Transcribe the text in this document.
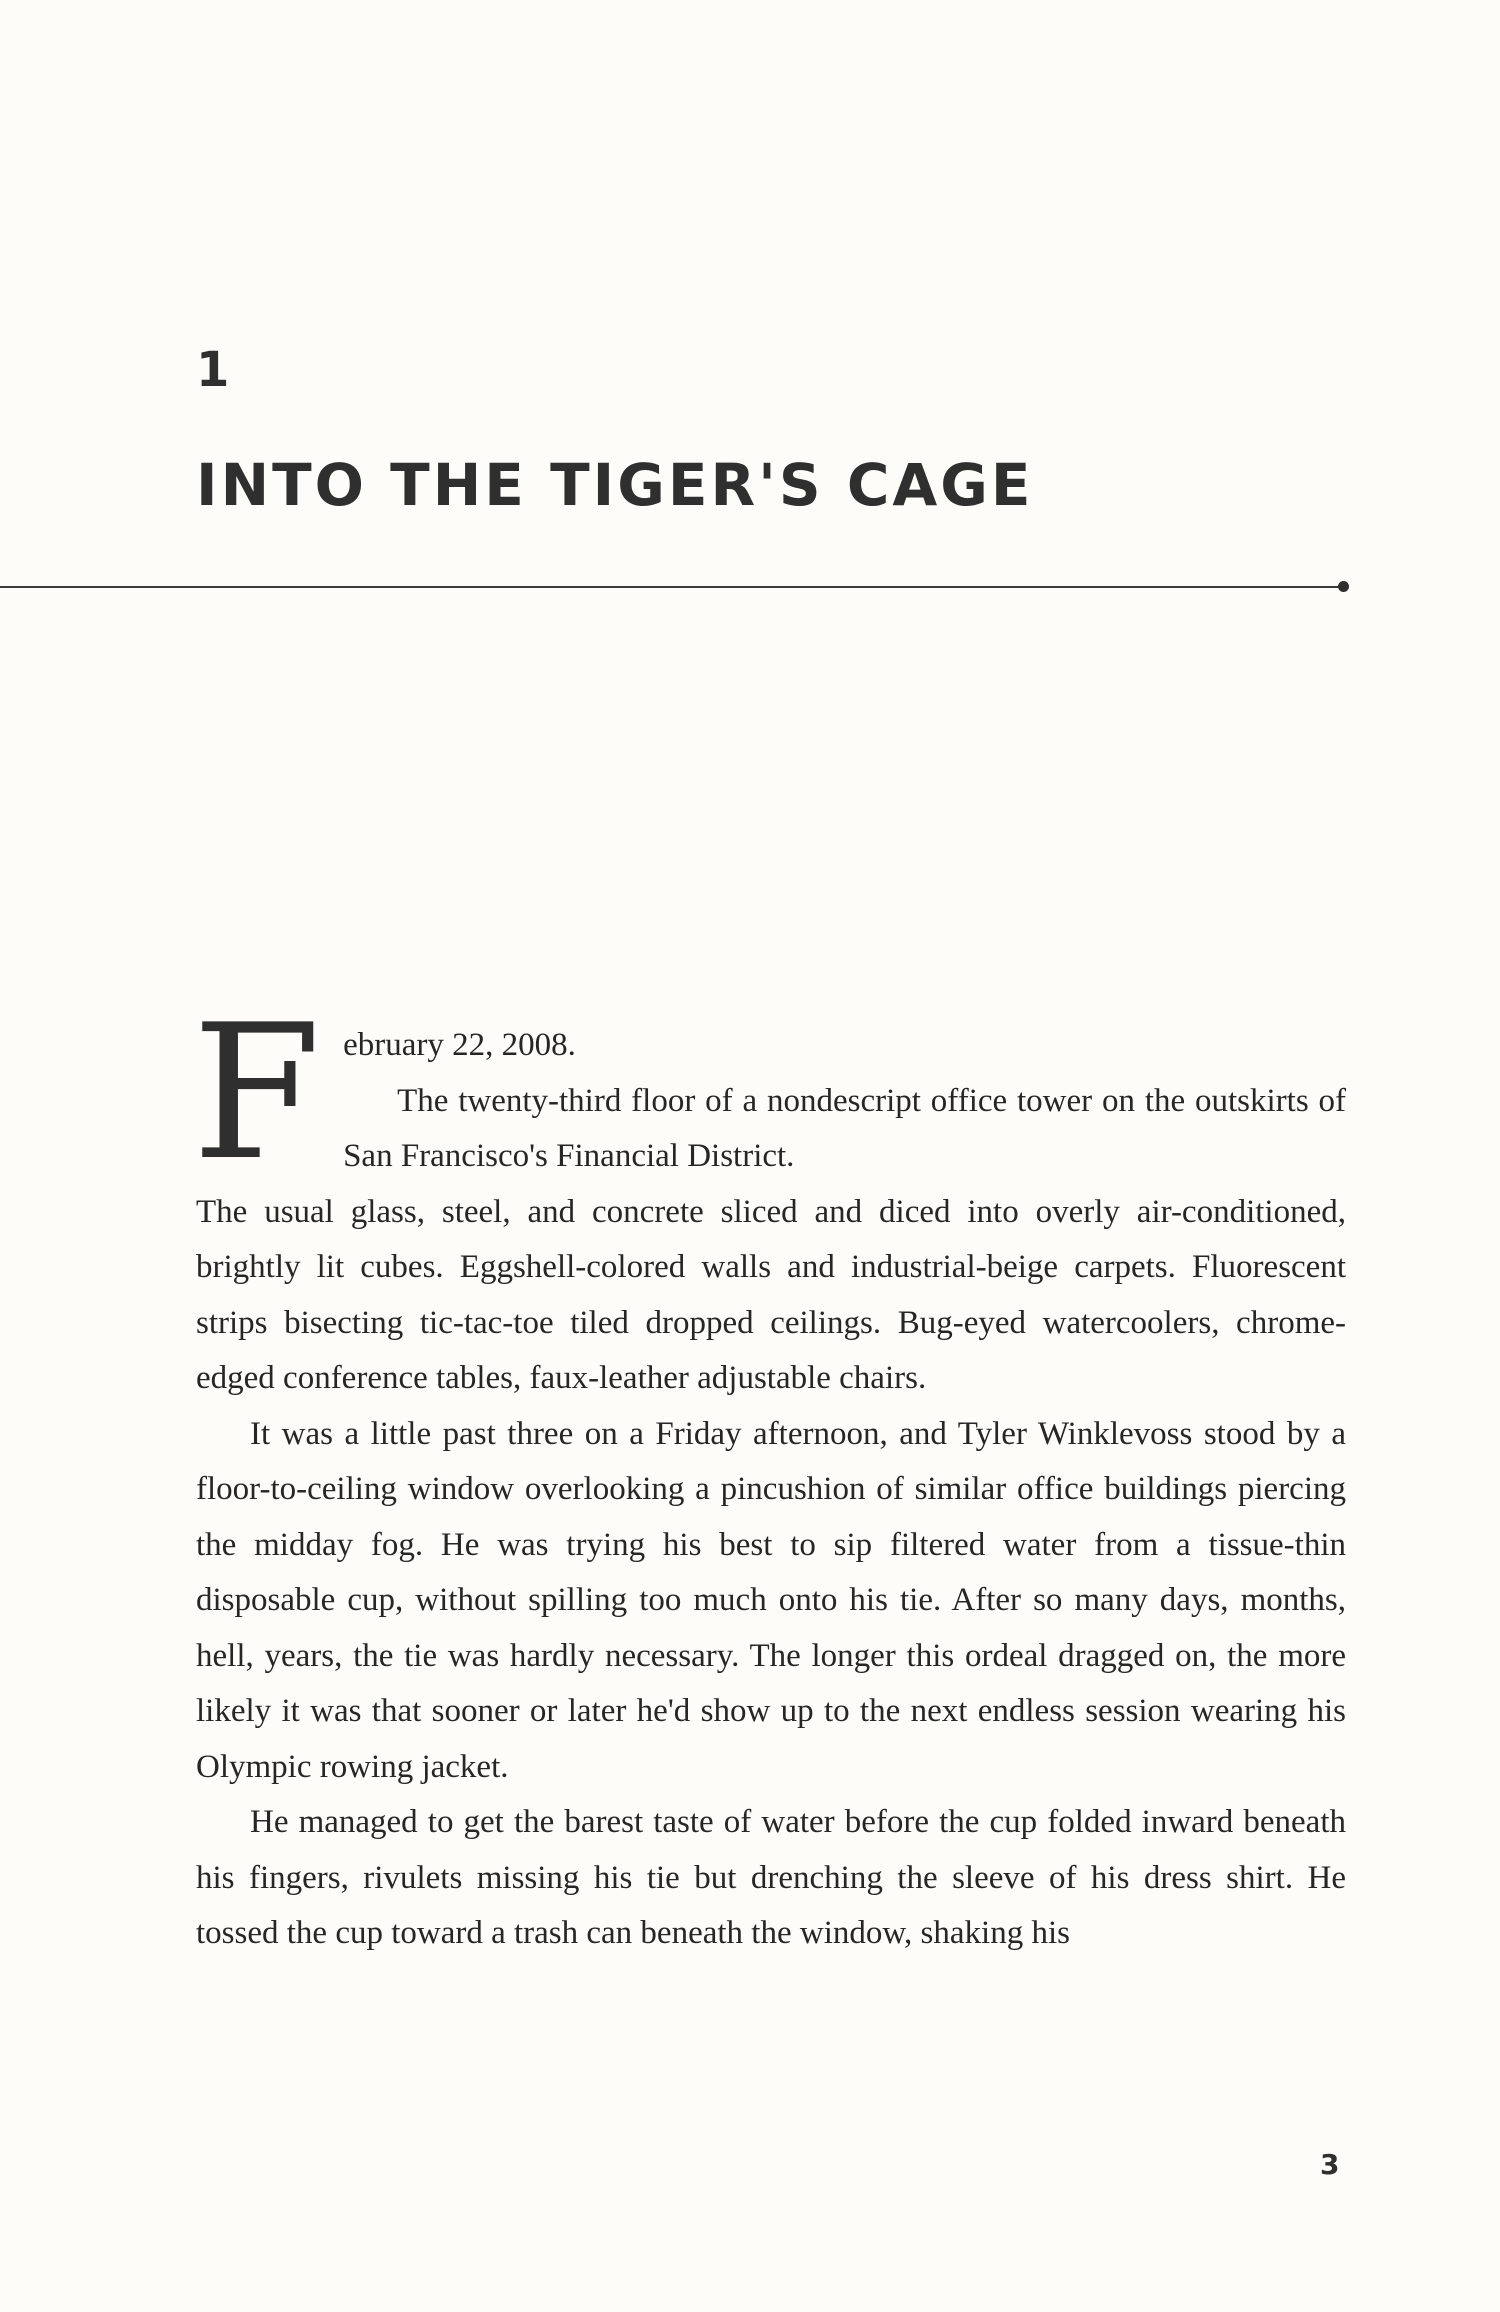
1
INTO THE TIGER'S CAGE
F ebruary 22, 2008.

The twenty-third floor of a nondescript office tower on the outskirts of San Francisco's Financial District.

The usual glass, steel, and concrete sliced and diced into overly air-conditioned, brightly lit cubes. Eggshell-colored walls and industrial-beige carpets. Fluorescent strips bisecting tic-tac-toe tiled dropped ceilings. Bug-eyed watercoolers, chrome-edged conference tables, faux-leather adjustable chairs.

It was a little past three on a Friday afternoon, and Tyler Winklevoss stood by a floor-to-ceiling window overlooking a pincushion of similar office buildings piercing the midday fog. He was trying his best to sip filtered water from a tissue-thin disposable cup, without spilling too much onto his tie. After so many days, months, hell, years, the tie was hardly necessary. The longer this ordeal dragged on, the more likely it was that sooner or later he'd show up to the next endless session wearing his Olympic rowing jacket.

He managed to get the barest taste of water before the cup folded inward beneath his fingers, rivulets missing his tie but drenching the sleeve of his dress shirt. He tossed the cup toward a trash can beneath the window, shaking his

3
